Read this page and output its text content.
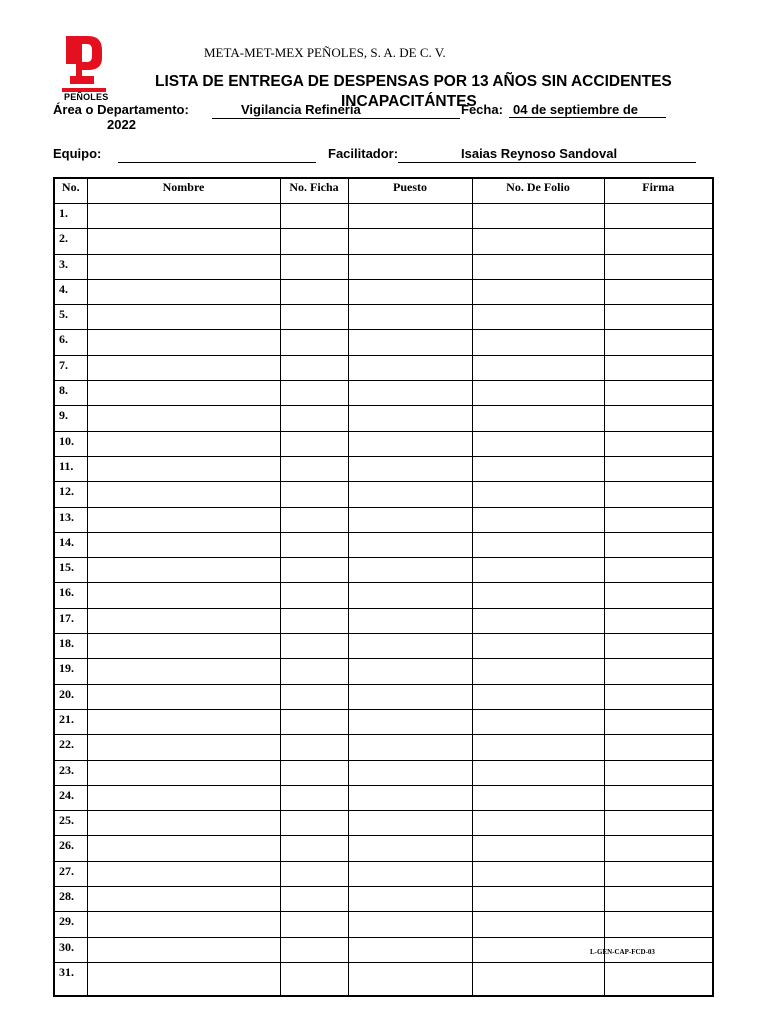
PEÑOLES
META-MET-MEX PEÑOLES, S. A. DE C. V.
LISTA DE ENTREGA DE DESPENSAS POR 13 AÑOS SIN ACCIDENTES
INCAPACITÁNTES
Área o Departamento:	Vigilancia Refinería	Fecha: 04 de septiembre de
2022
Equipo:	Facilitador:	Isaias Reynoso Sandoval
No.	Nombre	No. Ficha	Puesto	No. De Folio	Firma
1.					
2.					
3.					
4.					
5.					
6.					
7.					
8.					
9.					
10.					
11.					
12.					
13.					
14.					
15.					
16.					
17.					
18.					
19.					
20.					
21.					
22.					
23.					
24.					
25.					
26.					
27.					
28.					
29.					
30.					
31.					
L-GEN-CAP-FCD-03
